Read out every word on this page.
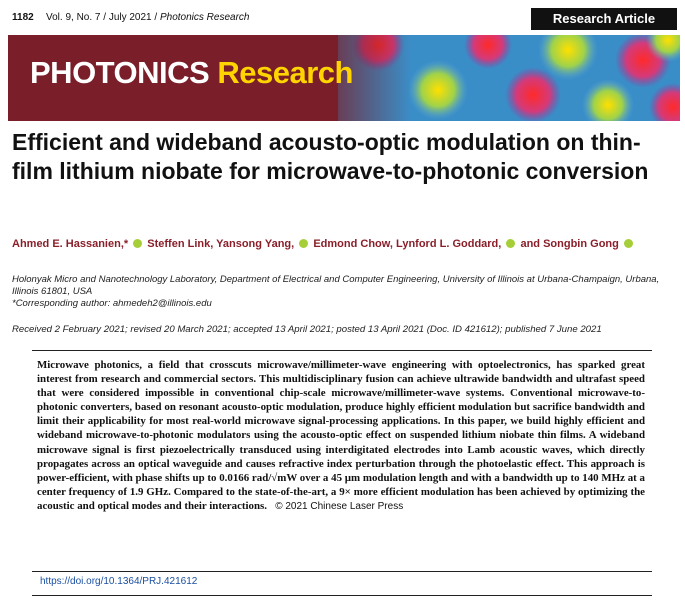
1182 Vol. 9, No. 7 / July 2021 / Photonics Research	Research Article
PHOTONICS Research
Efficient and wideband acousto-optic modulation on thin-film lithium niobate for microwave-to-photonic conversion
Ahmed E. Hassanien,* Steffen Link, Yansong Yang, Edmond Chow, Lynford L. Goddard, and Songbin Gong
Holonyak Micro and Nanotechnology Laboratory, Department of Electrical and Computer Engineering, University of Illinois at Urbana-Champaign, Urbana, Illinois 61801, USA
*Corresponding author: ahmedeh2@illinois.edu
Received 2 February 2021; revised 20 March 2021; accepted 13 April 2021; posted 13 April 2021 (Doc. ID 421612); published 7 June 2021
Microwave photonics, a field that crosscuts microwave/millimeter-wave engineering with optoelectronics, has sparked great interest from research and commercial sectors. This multidisciplinary fusion can achieve ultrawide bandwidth and ultrafast speed that were considered impossible in conventional chip-scale microwave/millimeter-wave systems. Conventional microwave-to-photonic converters, based on resonant acousto-optic modulation, produce highly efficient modulation but sacrifice bandwidth and limit their applicability for most real-world microwave signal-processing applications. In this paper, we build highly efficient and wideband microwave-to-photonic modulators using the acousto-optic effect on suspended lithium niobate thin films. A wideband microwave signal is first piezoelectrically transduced using interdigitated electrodes into Lamb acoustic waves, which directly propagates across an optical waveguide and causes refractive index perturbation through the photoelastic effect. This approach is power-efficient, with phase shifts up to 0.0166 rad/√mW over a 45 µm modulation length and with a bandwidth up to 140 MHz at a center frequency of 1.9 GHz. Compared to the state-of-the-art, a 9× more efficient modulation has been achieved by optimizing the acoustic and optical modes and their interactions. © 2021 Chinese Laser Press
https://doi.org/10.1364/PRJ.421612
